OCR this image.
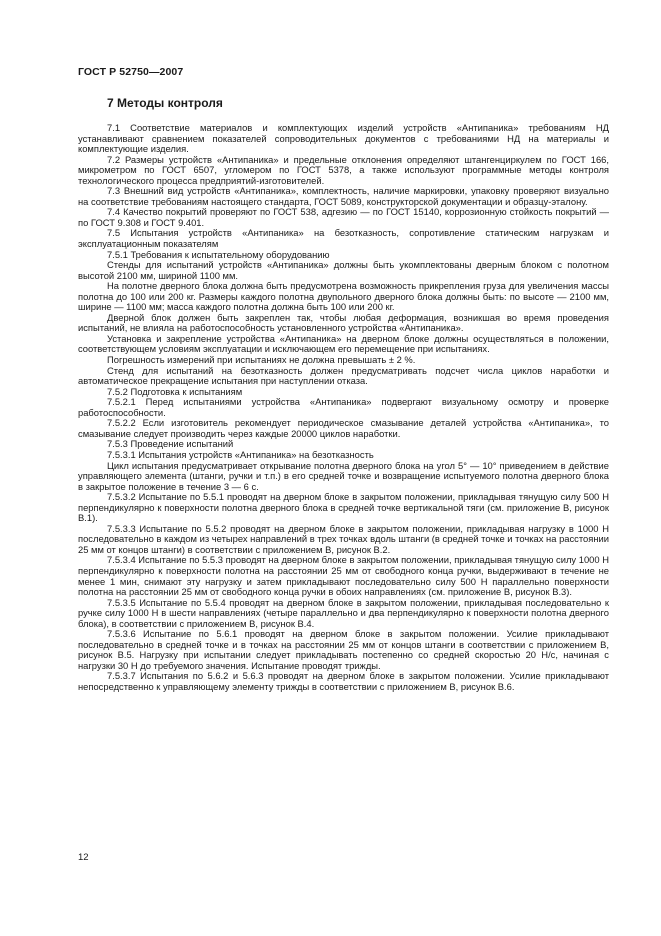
ГОСТ Р 52750—2007
7 Методы контроля

7.1 Соответствие материалов и комплектующих изделий устройств «Антипаника» требованиям НД устанавливают сравнением показателей сопроводительных документов с требованиями НД на материалы и комплектующие изделия.

7.2 Размеры устройств «Антипаника» и предельные отклонения определяют штангенциркулем по ГОСТ 166, микрометром по ГОСТ 6507, угломером по ГОСТ 5378, а также используют программные методы контроля технологического процесса предприятий-изготовителей.

7.3 Внешний вид устройств «Антипаника», комплектность, наличие маркировки, упаковку проверяют визуально на соответствие требованиям настоящего стандарта, ГОСТ 5089, конструкторской документации и образцу-эталону.

7.4 Качество покрытий проверяют по ГОСТ 538, адгезию — по ГОСТ 15140, коррозионную стойкость покрытий — по ГОСТ 9.308 и ГОСТ 9.401.

7.5 Испытания устройств «Антипаника» на безотказность, сопротивление статическим нагрузкам и эксплуатационным показателям

7.5.1 Требования к испытательному оборудованию

Стенды для испытаний устройств «Антипаника» должны быть укомплектованы дверным блоком с полотном высотой 2100 мм, шириной 1100 мм.

На полотне дверного блока должна быть предусмотрена возможность прикрепления груза для увеличения массы полотна до 100 или 200 кг. Размеры каждого полотна двупольного дверного блока должны быть: по высоте — 2100 мм, ширине — 1100 мм; масса каждого полотна должна быть 100 или 200 кг.

Дверной блок должен быть закреплен так, чтобы любая деформация, возникшая во время проведения испытаний, не влияла на работоспособность установленного устройства «Антипаника».

Установка и закрепление устройства «Антипаника» на дверном блоке должны осуществляться в положении, соответствующем условиям эксплуатации и исключающем его перемещение при испытаниях.

Погрешность измерений при испытаниях не должна превышать ± 2 %.

Стенд для испытаний на безотказность должен предусматривать подсчет числа циклов наработки и автоматическое прекращение испытания при наступлении отказа.

7.5.2 Подготовка к испытаниям

7.5.2.1 Перед испытаниями устройства «Антипаника» подвергают визуальному осмотру и проверке работоспособности.

7.5.2.2 Если изготовитель рекомендует периодическое смазывание деталей устройства «Антипаника», то смазывание следует производить через каждые 20000 циклов наработки.

7.5.3 Проведение испытаний

7.5.3.1 Испытания устройств «Антипаника» на безотказность

Цикл испытания предусматривает открывание полотна дверного блока на угол 5° — 10° приведением в действие управляющего элемента (штанги, ручки и т.п.) в его средней точке и возвращение испытуемого полотна дверного блока в закрытое положение в течение 3 — 6 с.

7.5.3.2 Испытание по 5.5.1 проводят на дверном блоке в закрытом положении, прикладывая тянущую силу 500 Н перпендикулярно к поверхности полотна дверного блока в средней точке вертикальной тяги (см. приложение В, рисунок В.1).

7.5.3.3 Испытание по 5.5.2 проводят на дверном блоке в закрытом положении, прикладывая нагрузку в 1000 Н последовательно в каждом из четырех направлений в трех точках вдоль штанги (в средней точке и точках на расстоянии 25 мм от концов штанги) в соответствии с приложением В, рисунок В.2.

7.5.3.4 Испытание по 5.5.3 проводят на дверном блоке в закрытом положении, прикладывая тянущую силу 1000 Н перпендикулярно к поверхности полотна на расстоянии 25 мм от свободного конца ручки, выдерживают в течение не менее 1 мин, снимают эту нагрузку и затем прикладывают последовательно силу 500 Н параллельно поверхности полотна на расстоянии 25 мм от свободного конца ручки в обоих направлениях (см. приложение В, рисунок В.3).

7.5.3.5 Испытание по 5.5.4 проводят на дверном блоке в закрытом положении, прикладывая последовательно к ручке силу 1000 Н в шести направлениях (четыре параллельно и два перпендикулярно к поверхности полотна дверного блока), в соответствии с приложением В, рисунок В.4.

7.5.3.6 Испытание по 5.6.1 проводят на дверном блоке в закрытом положении. Усилие прикладывают последовательно в средней точке и в точках на расстоянии 25 мм от концов штанги в соответствии с приложением В, рисунок В.5. Нагрузку при испытании следует прикладывать постепенно со средней скоростью 20 Н/с, начиная с нагрузки 30 Н до требуемого значения. Испытание проводят трижды.

7.5.3.7 Испытания по 5.6.2 и 5.6.3 проводят на дверном блоке в закрытом положении. Усилие прикладывают непосредственно к управляющему элементу трижды в соответствии с приложением В, рисунок В.6.

12
